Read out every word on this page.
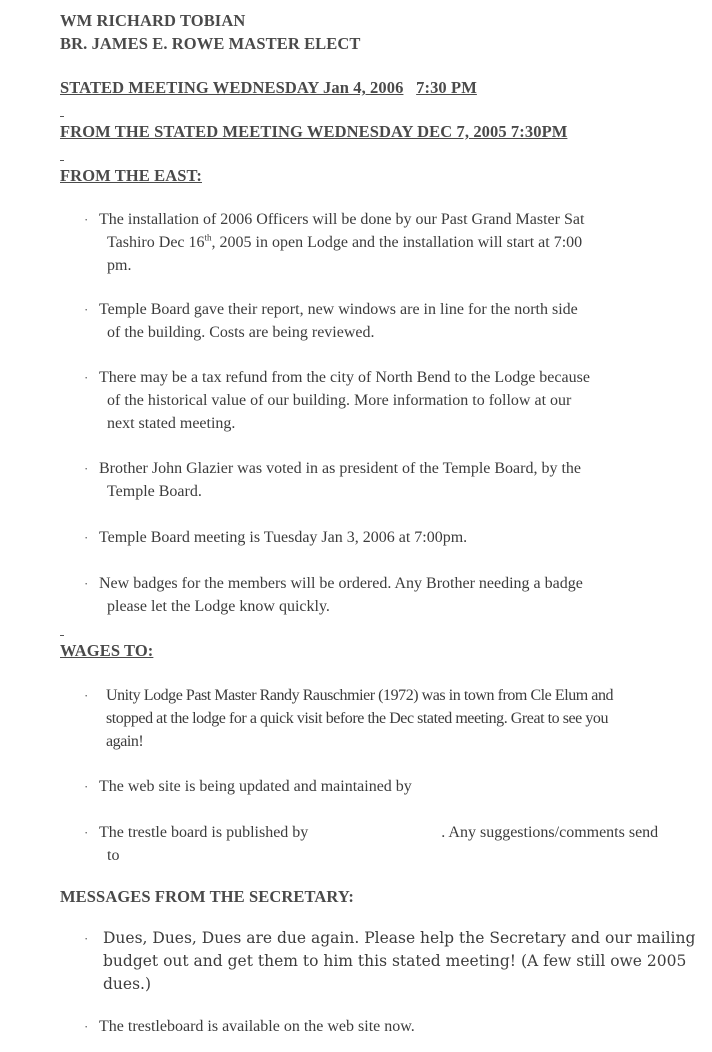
WM RICHARD TOBIAN
BR. JAMES E. ROWE MASTER ELECT
STATED MEETING WEDNESDAY Jan 4, 2006 7:30 PM
FROM THE STATED MEETING WEDNESDAY DEC 7, 2005 7:30PM
FROM THE EAST:
· The installation of 2006 Officers will be done by our Past Grand Master Sat
Tashiro Dec 16th, 2005 in open Lodge and the installation will start at 7:00
pm.
· Temple Board gave their report, new windows are in line for the north side
of the building. Costs are being reviewed.
· There may be a tax refund from the city of North Bend to the Lodge because
of the historical value of our building. More information to follow at our
next stated meeting.
· Brother John Glazier was voted in as president of the Temple Board, by the
Temple Board.
· Temple Board meeting is Tuesday Jan 3, 2006 at 7:00pm.
· New badges for the members will be ordered. Any Brother needing a badge
please let the Lodge know quickly.
WAGES TO:
· Unity Lodge Past Master Randy Rauschmier (1972) was in town from Cle Elum and
stopped at the lodge for a quick visit before the Dec stated meeting. Great to see you
again!
· The web site is being updated and maintained by
· The trestle board is published by	. Any suggestions/comments send
to
MESSAGES FROM THE SECRETARY:
· Dues, Dues, Dues are due again. Please help the Secretary and our mailing
budget out and get them to him this stated meeting! (A few still owe 2005
dues.)
· The trestleboard is available on the web site now.
